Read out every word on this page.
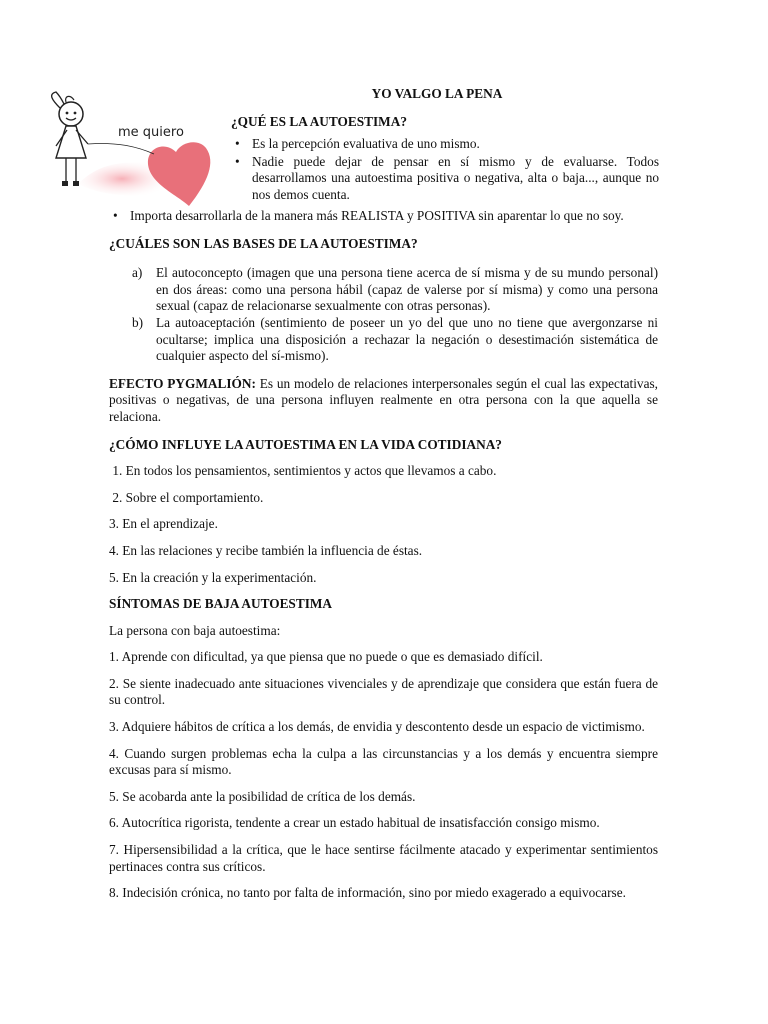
me quiero

YO VALGO LA PENA

¿QUÉ ES LA AUTOESTIMA?

• Es la percepción evaluativa de uno mismo.
• Nadie puede dejar de pensar en sí mismo y de evaluarse. Todos desarrollamos una autoestima positiva o negativa, alta o baja..., aunque no nos demos cuenta.
• Importa desarrollarla de la manera más REALISTA y POSITIVA sin aparentar lo que no soy.

¿CUÁLES SON LAS BASES DE LA AUTOESTIMA?

a) El autoconcepto (imagen que una persona tiene acerca de sí misma y de su mundo personal) en dos áreas: como una persona hábil (capaz de valerse por sí misma) y como una persona sexual (capaz de relacionarse sexualmente con otras personas).
b) La autoaceptación (sentimiento de poseer un yo del que uno no tiene que avergonzarse ni ocultarse; implica una disposición a rechazar la negación o desestimación sistemática de cualquier aspecto del sí-mismo).

EFECTO PYGMALIÓN: Es un modelo de relaciones interpersonales según el cual las expectativas, positivas o negativas, de una persona influyen realmente en otra persona con la que aquella se relaciona.

¿CÓMO INFLUYE LA AUTOESTIMA EN LA VIDA COTIDIANA?

1. En todos los pensamientos, sentimientos y actos que llevamos a cabo.

2. Sobre el comportamiento.

3. En el aprendizaje.

4. En las relaciones y recibe también la influencia de éstas.

5. En la creación y la experimentación.

SÍNTOMAS DE BAJA AUTOESTIMA

La persona con baja autoestima:

1. Aprende con dificultad, ya que piensa que no puede o que es demasiado difícil.

2. Se siente inadecuado ante situaciones vivenciales y de aprendizaje que considera que están fuera de su control.

3. Adquiere hábitos de crítica a los demás, de envidia y descontento desde un espacio de victimismo.

4. Cuando surgen problemas echa la culpa a las circunstancias y a los demás y encuentra siempre excusas para sí mismo.

5. Se acobarda ante la posibilidad de crítica de los demás.

6. Autocrítica rigorista, tendente a crear un estado habitual de insatisfacción consigo mismo.

7. Hipersensibilidad a la crítica, que le hace sentirse fácilmente atacado y experimentar sentimientos pertinaces contra sus críticos.

8. Indecisión crónica, no tanto por falta de información, sino por miedo exagerado a equivocarse.
